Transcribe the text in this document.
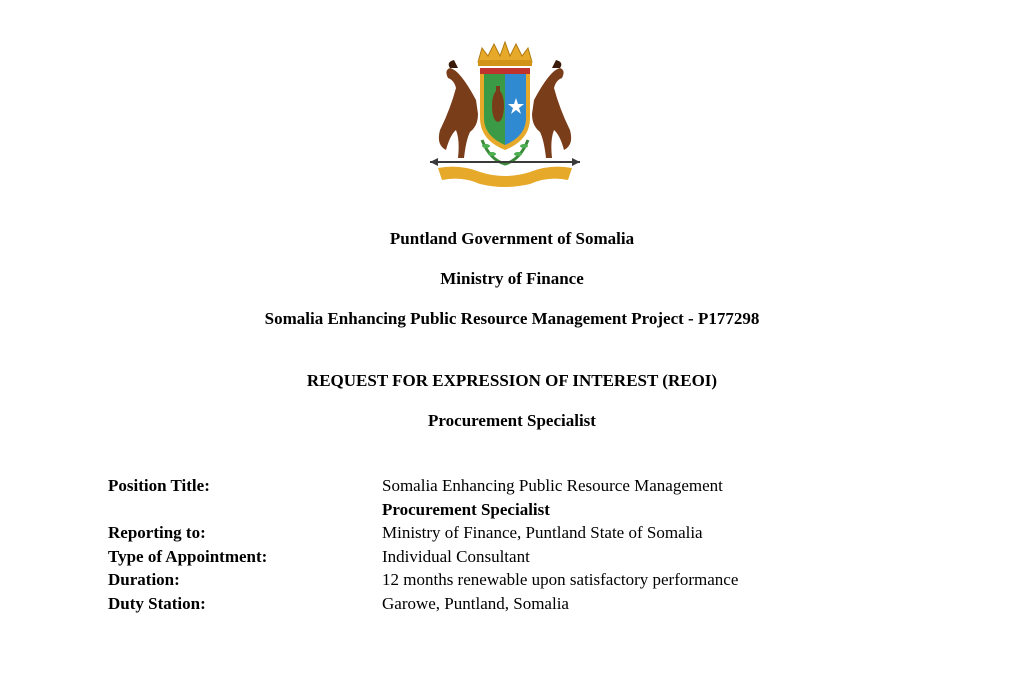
Puntland Government of Somalia
Ministry of Finance
Somalia Enhancing Public Resource Management Project - P177298
REQUEST FOR EXPRESSION OF INTEREST (REOI)
Procurement Specialist
Position Title:	Somalia Enhancing Public Resource Management
Procurement Specialist
Reporting to:	Ministry of Finance, Puntland State of Somalia
Type of Appointment:	Individual Consultant
Duration:	12 months renewable upon satisfactory performance
Duty Station:	Garowe, Puntland, Somalia
